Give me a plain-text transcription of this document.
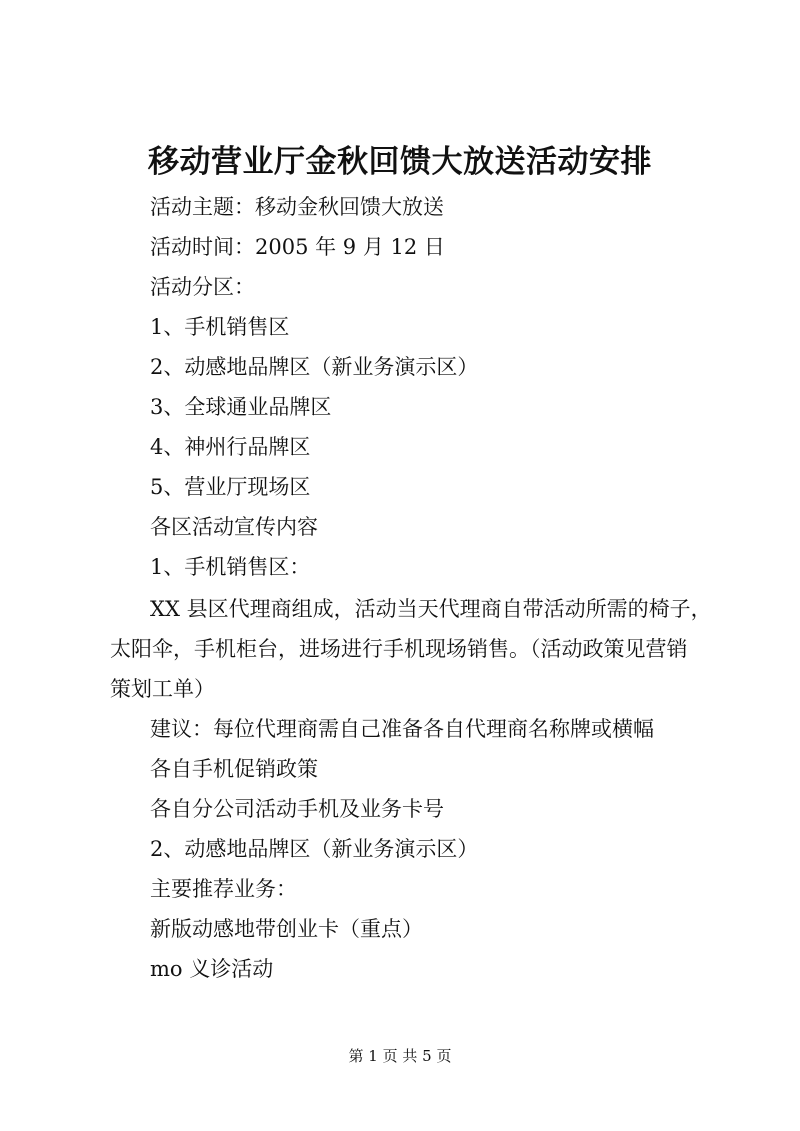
移动营业厅金秋回馈大放送活动安排
活动主题：移动金秋回馈大放送
活动时间：2005 年 9 月 12 日
活动分区：
1、手机销售区
2、动感地品牌区（新业务演示区）
3、全球通业品牌区
4、神州行品牌区
5、营业厅现场区
各区活动宣传内容
1、手机销售区：
XX 县区代理商组成，活动当天代理商自带活动所需的椅子，
太阳伞，手机柜台，进场进行手机现场销售。（活动政策见营销
策划工单）
建议：每位代理商需自己准备各自代理商名称牌或横幅
各自手机促销政策
各自分公司活动手机及业务卡号
2、动感地品牌区（新业务演示区）
主要推荐业务：
新版动感地带创业卡（重点）
mo 义诊活动
第 1 页 共 5 页
